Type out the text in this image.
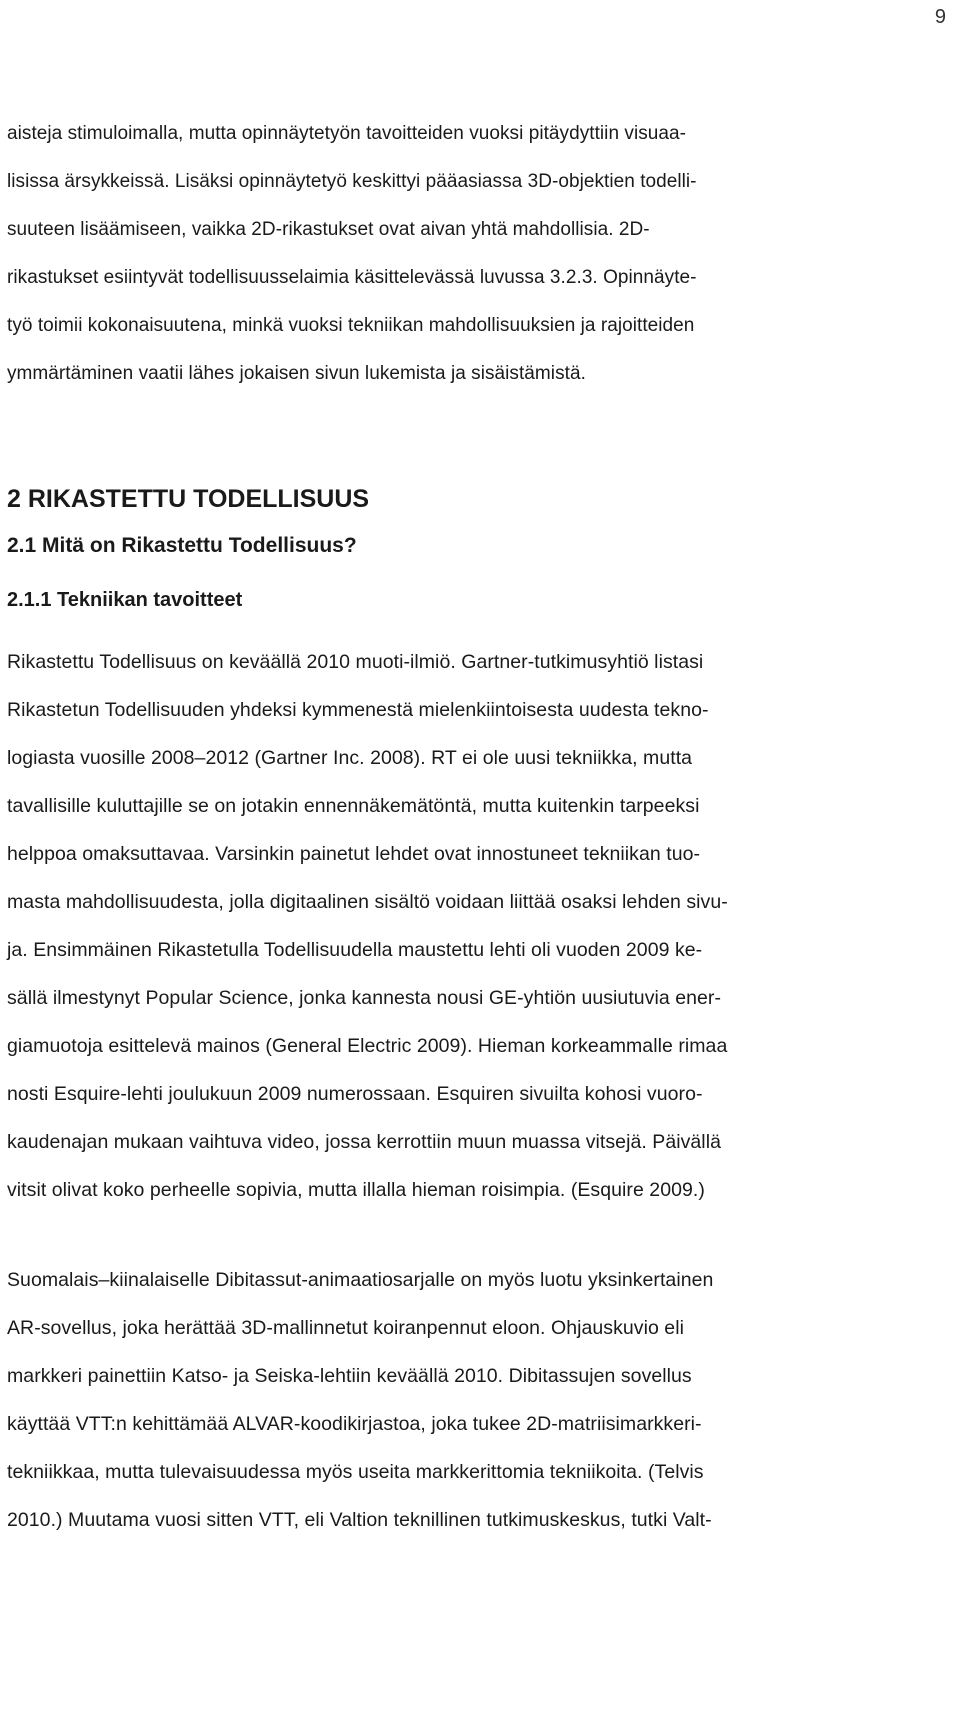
9
aisteja stimuloimalla, mutta opinnäytetyön tavoitteiden vuoksi pitäydyttiin visuaa-
lisissa ärsykkeissä. Lisäksi opinnäytetyö keskittyi pääasiassa 3D-objektien todelli-
suuteen lisäämiseen, vaikka 2D-rikastukset ovat aivan yhtä mahdollisia. 2D-
rikastukset esiintyvät todellisuusselaimia käsittelevässä luvussa 3.2.3. Opinnäyte-
työ toimii kokonaisuutena, minkä vuoksi tekniikan mahdollisuuksien ja rajoitteiden
ymmärtäminen vaatii lähes jokaisen sivun lukemista ja sisäistämistä.
2 RIKASTETTU TODELLISUUS
2.1 Mitä on Rikastettu Todellisuus?
2.1.1 Tekniikan tavoitteet
Rikastettu Todellisuus on keväällä 2010 muoti-ilmiö. Gartner-tutkimusyhtiö listasi
Rikastetun Todellisuuden yhdeksi kymmenestä mielenkiintoisesta uudesta tekno-
logiasta vuosille 2008–2012 (Gartner Inc. 2008). RT ei ole uusi tekniikka, mutta
tavallisille kuluttajille se on jotakin ennennäkemätöntä, mutta kuitenkin tarpeeksi
helppoa omaksuttavaa. Varsinkin painetut lehdet ovat innostuneet tekniikan tuo-
masta mahdollisuudesta, jolla digitaalinen sisältö voidaan liittää osaksi lehden sivu-
ja. Ensimmäinen Rikastetulla Todellisuudella maustettu lehti oli vuoden 2009 ke-
sällä ilmestynyt Popular Science, jonka kannesta nousi GE-yhtiön uusiutuvia ener-
giamuotoja esittelevä mainos (General Electric 2009). Hieman korkeammalle rimaa
nosti Esquire-lehti joulukuun 2009 numerossaan. Esquiren sivuilta kohosi vuoro-
kaudenajan mukaan vaihtuva video, jossa kerrottiin muun muassa vitsejä. Päivällä
vitsit olivat koko perheelle sopivia, mutta illalla hieman roisimpia. (Esquire 2009.)
Suomalais–kiinalaiselle Dibitassut-animaatiosarjalle on myös luotu yksinkertainen
AR-sovellus, joka herättää 3D-mallinnetut koiranpennut eloon. Ohjauskuvio eli
markkeri painettiin Katso- ja Seiska-lehtiin keväällä 2010. Dibitassujen sovellus
käyttää VTT:n kehittämää ALVAR-koodikirjastoa, joka tukee 2D-matriisimarkkeri-
tekniikkaa, mutta tulevaisuudessa myös useita markkerittomia tekniikoita. (Telvis
2010.) Muutama vuosi sitten VTT, eli Valtion teknillinen tutkimuskeskus, tutki Valt-
